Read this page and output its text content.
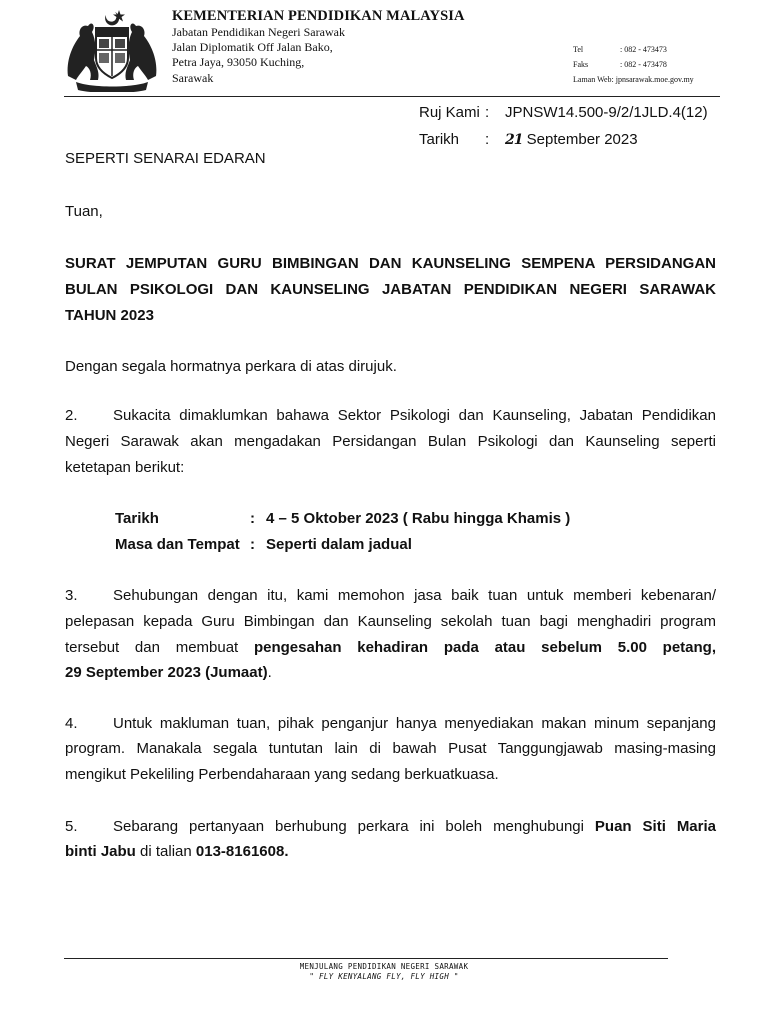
KEMENTERIAN PENDIDIKAN MALAYSIA
Jabatan Pendidikan Negeri Sarawak
Jalan Diplomatik Off Jalan Bako,
Petra Jaya, 93050 Kuching,
Sarawak
Tel	: 082 - 473473
Faks	: 082 - 473478
Laman Web: jpnsarawak.moe.gov.my
Ruj Kami : JPNSW14.500-9/2/1JLD.4(12)
Tarikh : 21 September 2023
SEPERTI SENARAI EDARAN
Tuan,
SURAT JEMPUTAN GURU BIMBINGAN DAN KAUNSELING SEMPENA PERSIDANGAN
BULAN PSIKOLOGI DAN KAUNSELING JABATAN PENDIDIKAN NEGERI SARAWAK
TAHUN 2023
Dengan segala hormatnya perkara di atas dirujuk.
2. Sukacita dimaklumkan bahawa Sektor Psikologi dan Kaunseling, Jabatan Pendidikan
Negeri Sarawak akan mengadakan Persidangan Bulan Psikologi dan Kaunseling seperti
ketetapan berikut:
Tarikh	: 4 – 5 Oktober 2023 ( Rabu hingga Khamis )
Masa dan Tempat : Seperti dalam jadual
3. Sehubungan dengan itu, kami memohon jasa baik tuan untuk memberi kebenaran/
pelepasan kepada Guru Bimbingan dan Kaunseling sekolah tuan bagi menghadiri program
tersebut dan membuat pengesahan kehadiran pada atau sebelum 5.00 petang,
29 September 2023 (Jumaat).
4. Untuk makluman tuan, pihak penganjur hanya menyediakan makan minum sepanjang
program. Manakala segala tuntutan lain di bawah Pusat Tanggungjawab masing-masing
mengikut Pekeliling Perbendaharaan yang sedang berkuatkuasa.
5. Sebarang pertanyaan berhubung perkara ini boleh menghubungi Puan Siti Maria
binti Jabu di talian 013-8161608.
MENJULANG PENDIDIKAN NEGERI SARAWAK
" FLY KENYALANG FLY, FLY HIGH "
